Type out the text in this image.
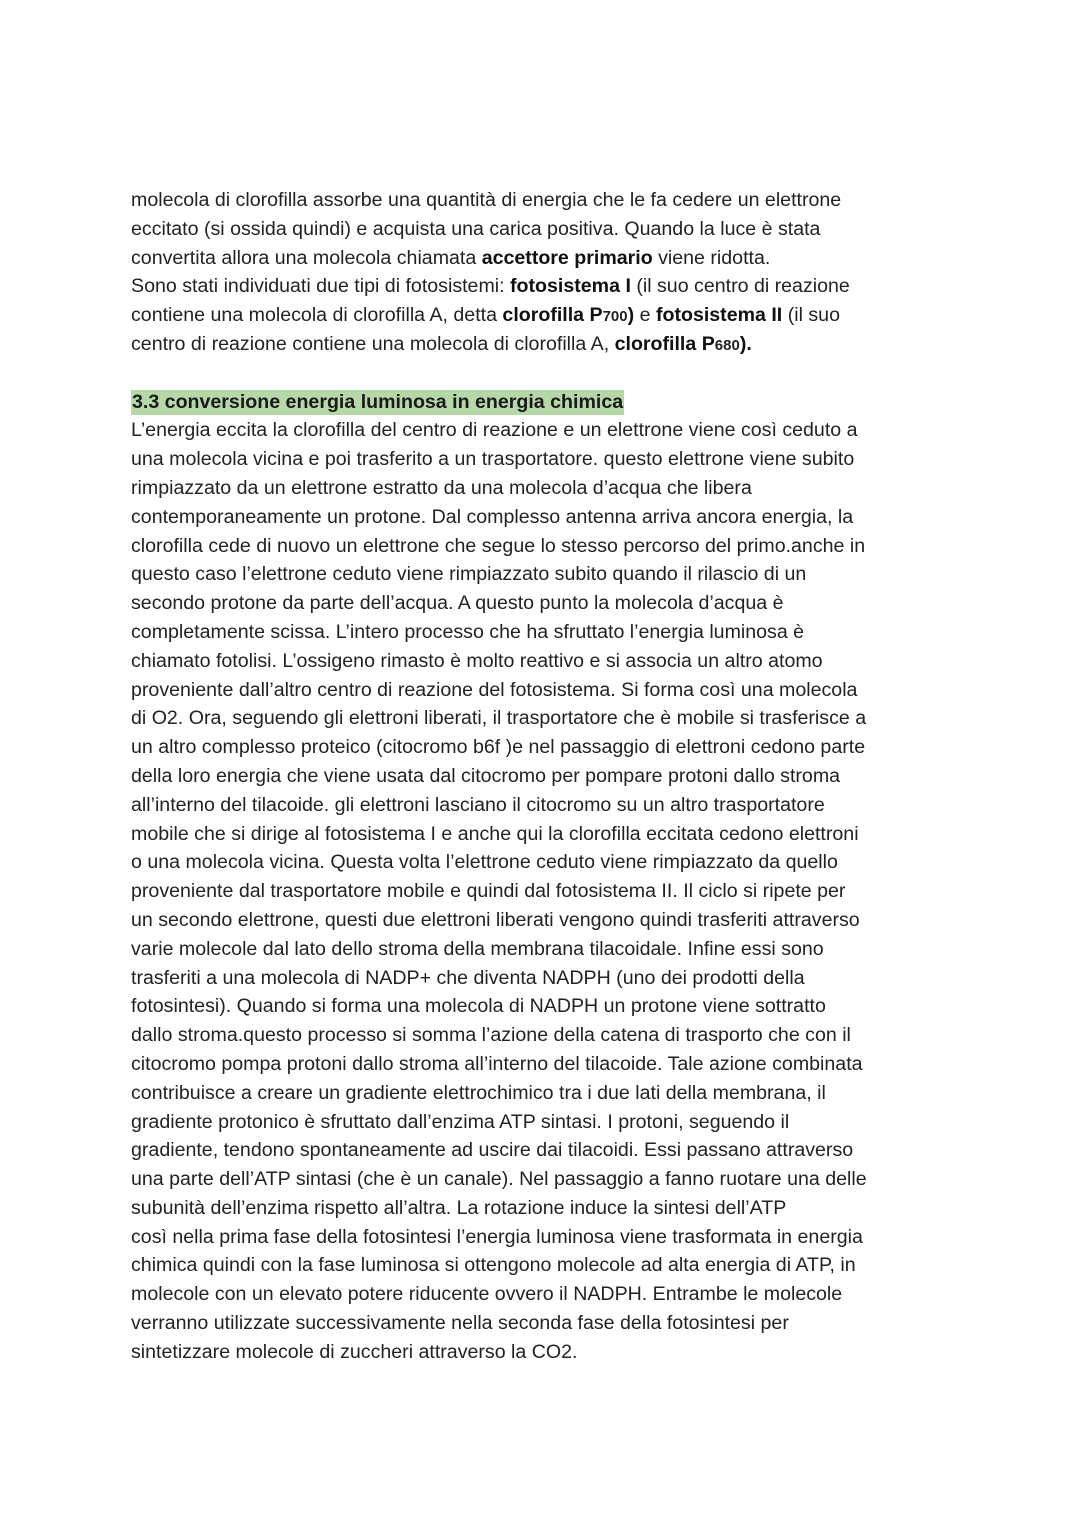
molecola di clorofilla assorbe una quantità di energia che le fa cedere un elettrone
eccitato (si ossida quindi) e acquista una carica positiva. Quando la luce è stata
convertita allora una molecola chiamata accettore primario viene ridotta.
Sono stati individuati due tipi di fotosistemi: fotosistema I (il suo centro di reazione
contiene una molecola di clorofilla A, detta clorofilla P700) e fotosistema II (il suo
centro di reazione contiene una molecola di clorofilla A, clorofilla P680).
3.3 conversione energia luminosa in energia chimica
L’energia eccita la clorofilla del centro di reazione e un elettrone viene così ceduto a
una molecola vicina e poi trasferito a un trasportatore. questo elettrone viene subito
rimpiazzato da un elettrone estratto da una molecola d’acqua che libera
contemporaneamente un protone. Dal complesso antenna arriva ancora energia, la
clorofilla cede di nuovo un elettrone che segue lo stesso percorso del primo.anche in
questo caso l’elettrone ceduto viene rimpiazzato subito quando il rilascio di un
secondo protone da parte dell’acqua. A questo punto la molecola d’acqua è
completamente scissa. L’intero processo che ha sfruttato l’energia luminosa è
chiamato fotolisi. L’ossigeno rimasto è molto reattivo e si associa un altro atomo
proveniente dall’altro centro di reazione del fotosistema. Si forma così una molecola
di O2. Ora, seguendo gli elettroni liberati, il trasportatore che è mobile si trasferisce a
un altro complesso proteico (citocromo b6f )e nel passaggio di elettroni cedono parte
della loro energia che viene usata dal citocromo per pompare protoni dallo stroma
all’interno del tilacoide. gli elettroni lasciano il citocromo su un altro trasportatore
mobile che si dirige al fotosistema I e anche qui la clorofilla eccitata cedono elettroni
o una molecola vicina. Questa volta l’elettrone ceduto viene rimpiazzato da quello
proveniente dal trasportatore mobile e quindi dal fotosistema II. Il ciclo si ripete per
un secondo elettrone, questi due elettroni liberati vengono quindi trasferiti attraverso
varie molecole dal lato dello stroma della membrana tilacoidale. Infine essi sono
trasferiti a una molecola di NADP+ che diventa NADPH (uno dei prodotti della
fotosintesi). Quando si forma una molecola di NADPH un protone viene sottratto
dallo stroma.questo processo si somma l’azione della catena di trasporto che con il
citocromo pompa protoni dallo stroma all’interno del tilacoide. Tale azione combinata
contribuisce a creare un gradiente elettrochimico tra i due lati della membrana, il
gradiente protonico è sfruttato dall’enzima ATP sintasi. I protoni, seguendo il
gradiente, tendono spontaneamente ad uscire dai tilacoidi. Essi passano attraverso
una parte dell’ATP sintasi (che è un canale). Nel passaggio a fanno ruotare una delle
subunità dell’enzima rispetto all’altra. La rotazione induce la sintesi dell’ATP
così nella prima fase della fotosintesi l’energia luminosa viene trasformata in energia
chimica quindi con la fase luminosa si ottengono molecole ad alta energia di ATP, in
molecole con un elevato potere riducente ovvero il NADPH. Entrambe le molecole
verranno utilizzate successivamente nella seconda fase della fotosintesi per
sintetizzare molecole di zuccheri attraverso la CO2.
